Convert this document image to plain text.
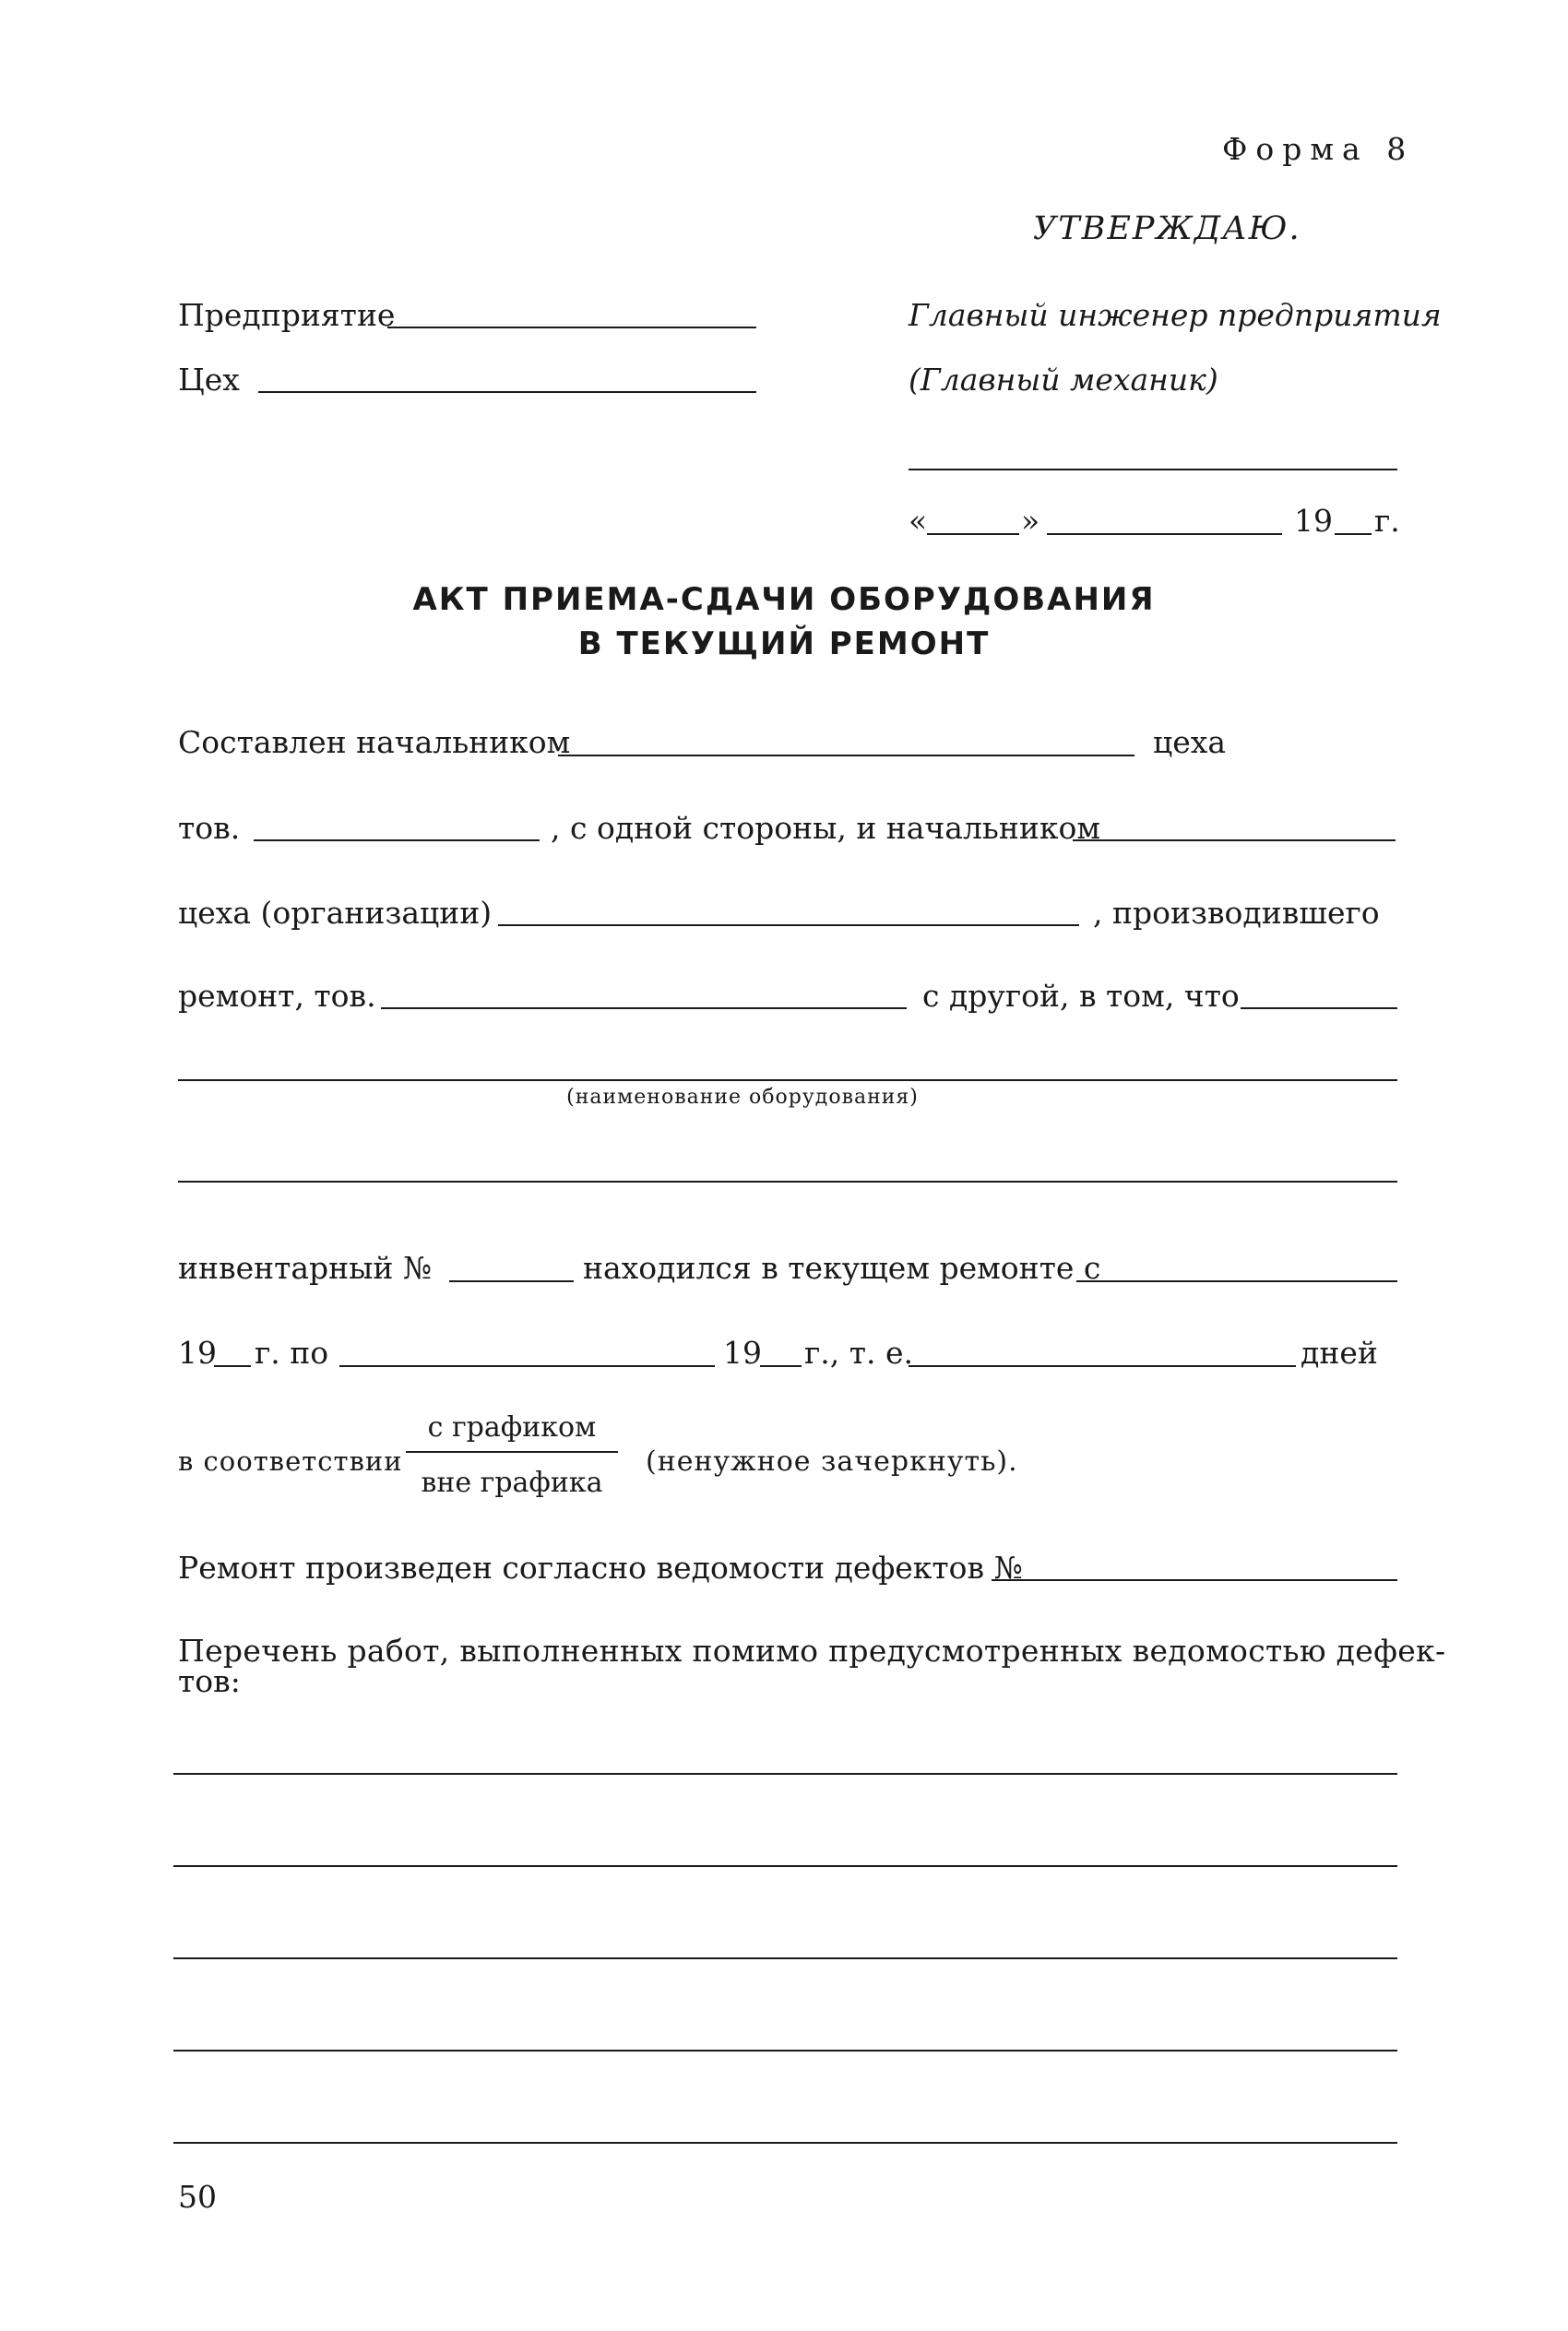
Форма 8
УТВЕРЖДАЮ.
Предприятие	Главный инженер предприятия
Цех	(Главный механик)
«	»	19 г.
АКТ ПРИЕМА-СДАЧИ ОБОРУДОВАНИЯ
В ТЕКУЩИЙ РЕМОНТ
Составлен начальником	цеха
тов.	, с одной стороны, и начальником
цеха (организации)	, производившего
ремонт, тов.	с другой, в том, что
(наименование оборудования)
инвентарный №	находился в текущем ремонте с
19 г. по	19 г., т. е.	дней
в соответствии
с графиком
вне графика
(ненужное зачеркнуть).
Ремонт произведен согласно ведомости дефектов №
Перечень работ, выполненных помимо предусмотренных ведомостью дефек-
тов:
50
